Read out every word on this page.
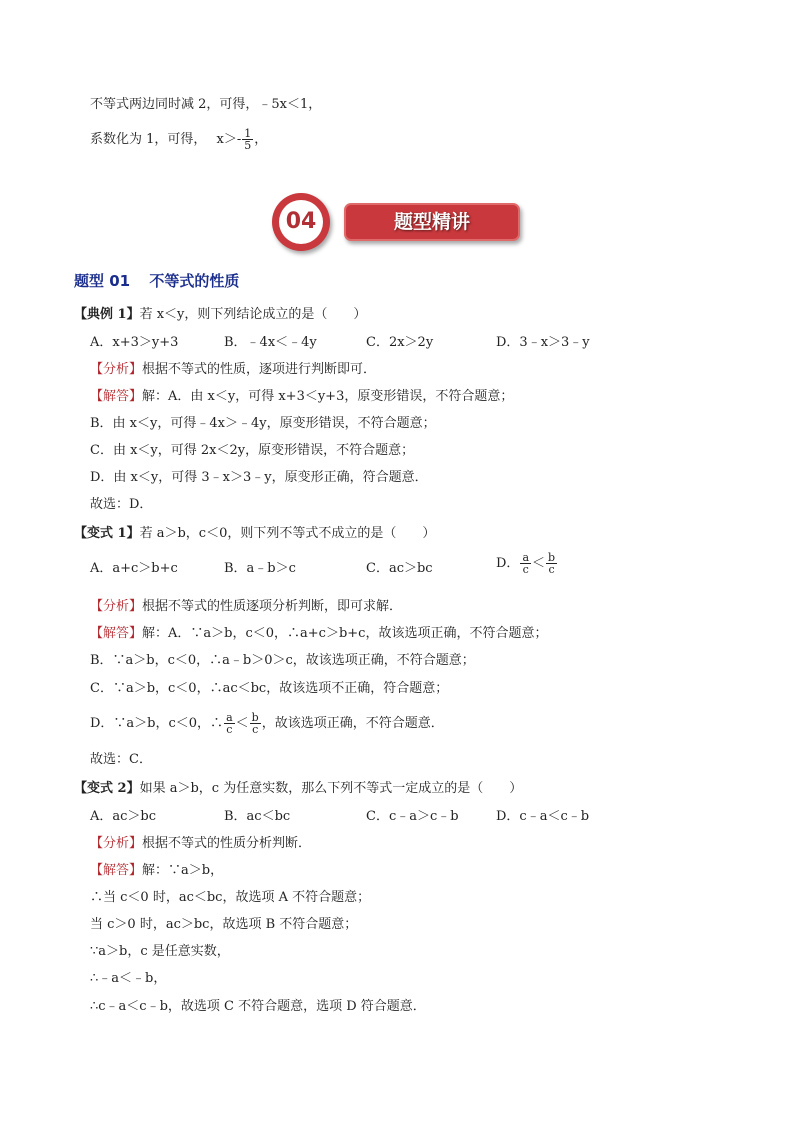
不等式两边同时减 2，可得，﹣5x＜1，
系数化为 1，可得， $x>- \frac{1}{5}$ ，
04	题型精讲
题型 01 不等式的性质
【典例 1】若 x＜y，则下列结论成立的是（　　）
A．x+3＞y+3	B．﹣4x＜﹣4y	C．2x＞2y	D．3﹣x＞3﹣y
【分析】根据不等式的性质，逐项进行判断即可．
【解答】解：A．由 x＜y，可得 x+3＜y+3，原变形错误，不符合题意；
B．由 x＜y，可得﹣4x＞﹣4y，原变形错误，不符合题意；
C．由 x＜y，可得 2x＜2y，原变形错误，不符合题意；
D．由 x＜y，可得 3﹣x＞3﹣y，原变形正确，符合题意．
故选：D．
【变式 1】若 a＞b，c＜0，则下列不等式不成立的是（　　）
A．a+c＞b+c	B．a﹣b＞c	C．ac＞bc	D． $\frac{a}{c} < \frac{b}{c}$
【分析】根据不等式的性质逐项分析判断，即可求解．
【解答】解：A．∵a＞b，c＜0，∴a+c＞b+c，故该选项正确，不符合题意；
B．∵a＞b，c＜0，∴a﹣b＞0＞c，故该选项正确，不符合题意；
C．∵a＞b，c＜0，∴ac＜bc，故该选项不正确，符合题意；
D．∵a＞b，c＜0，∴ $\frac{a}{c} < \frac{b}{c}$ ，故该选项正确，不符合题意．
故选：C．
【变式 2】如果 a＞b，c 为任意实数，那么下列不等式一定成立的是（　　）
A．ac＞bc	B．ac＜bc	C．c﹣a＞c﹣b	D．c﹣a＜c﹣b
【分析】根据不等式的性质分析判断．
【解答】解：∵a＞b，
∴当 c＜0 时，ac＜bc，故选项 A 不符合题意；
当 c＞0 时，ac＞bc，故选项 B 不符合题意；
∵a＞b，c 是任意实数，
∴﹣a＜﹣b，
∴c﹣a＜c﹣b，故选项 C 不符合题意，选项 D 符合题意．
